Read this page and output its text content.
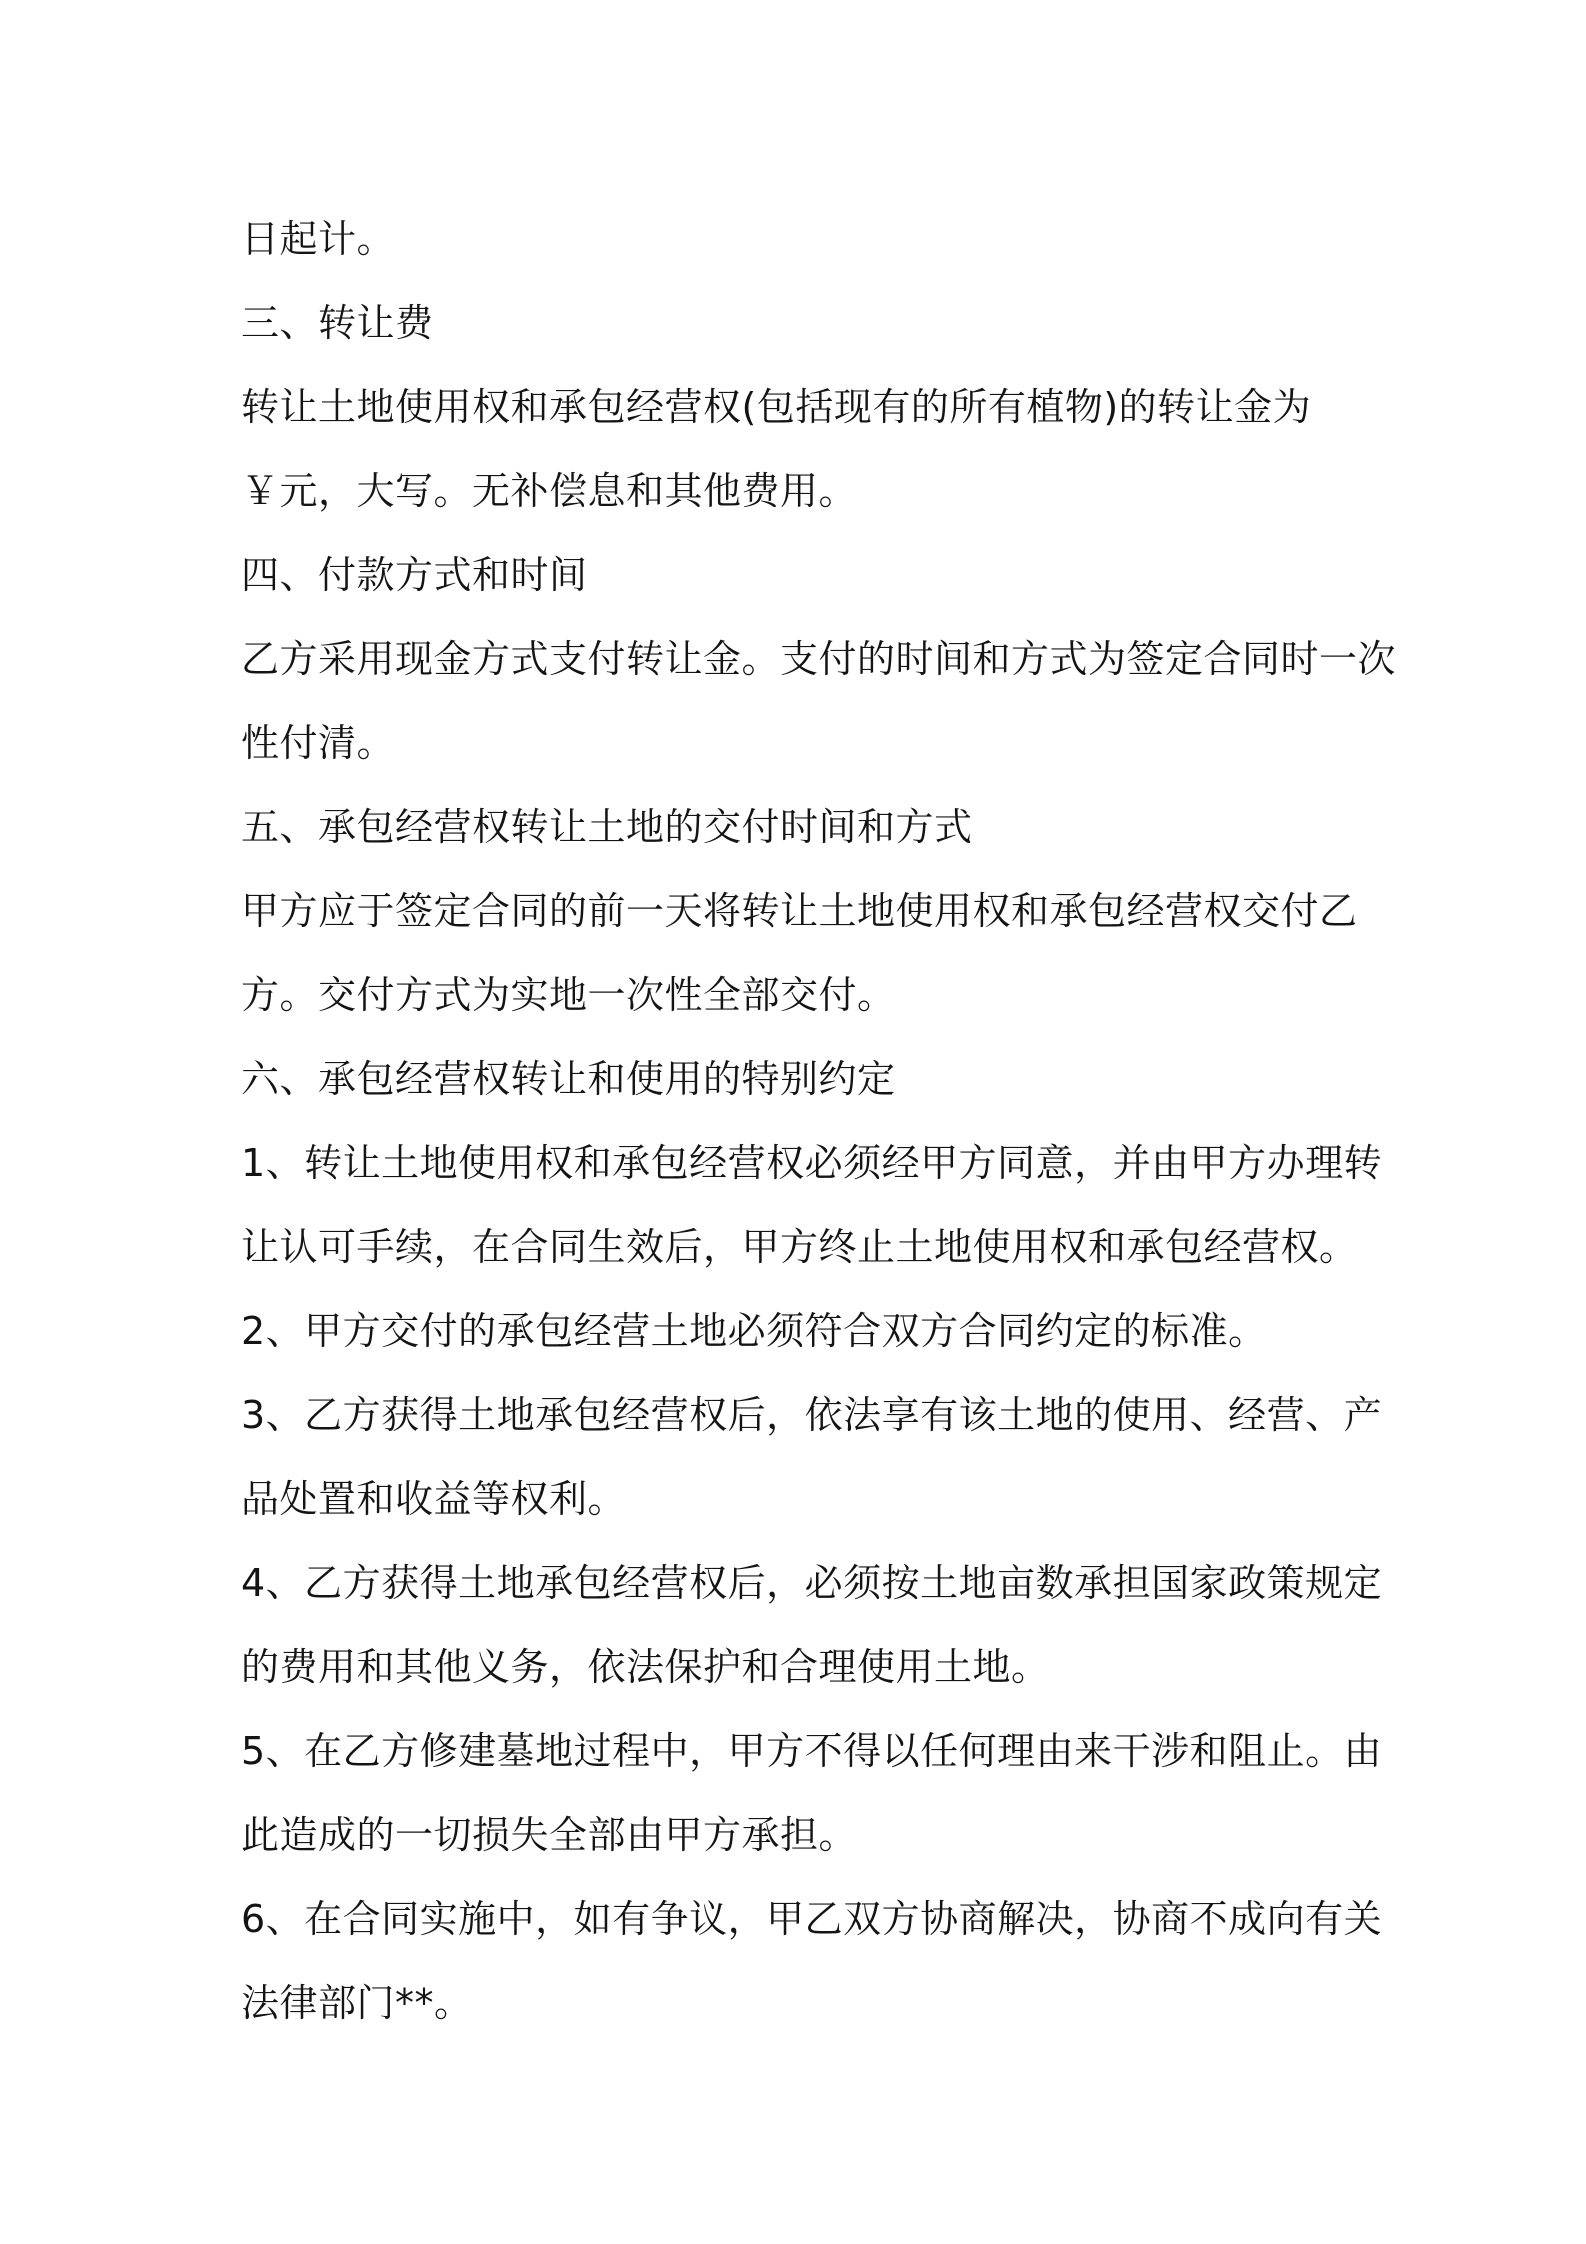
日起计。
三、转让费
转让土地使用权和承包经营权(包括现有的所有植物)的转让金为
￥元，大写。无补偿息和其他费用。
四、付款方式和时间
乙方采用现金方式支付转让金。支付的时间和方式为签定合同时一次
性付清。
五、承包经营权转让土地的交付时间和方式
甲方应于签定合同的前一天将转让土地使用权和承包经营权交付乙
方。交付方式为实地一次性全部交付。
六、承包经营权转让和使用的特别约定
1、转让土地使用权和承包经营权必须经甲方同意，并由甲方办理转
让认可手续，在合同生效后，甲方终止土地使用权和承包经营权。
2、甲方交付的承包经营土地必须符合双方合同约定的标准。
3、乙方获得土地承包经营权后，依法享有该土地的使用、经营、产
品处置和收益等权利。
4、乙方获得土地承包经营权后，必须按土地亩数承担国家政策规定
的费用和其他义务，依法保护和合理使用土地。
5、在乙方修建墓地过程中，甲方不得以任何理由来干涉和阻止。由
此造成的一切损失全部由甲方承担。
6、在合同实施中，如有争议，甲乙双方协商解决，协商不成向有关
法律部门**。
